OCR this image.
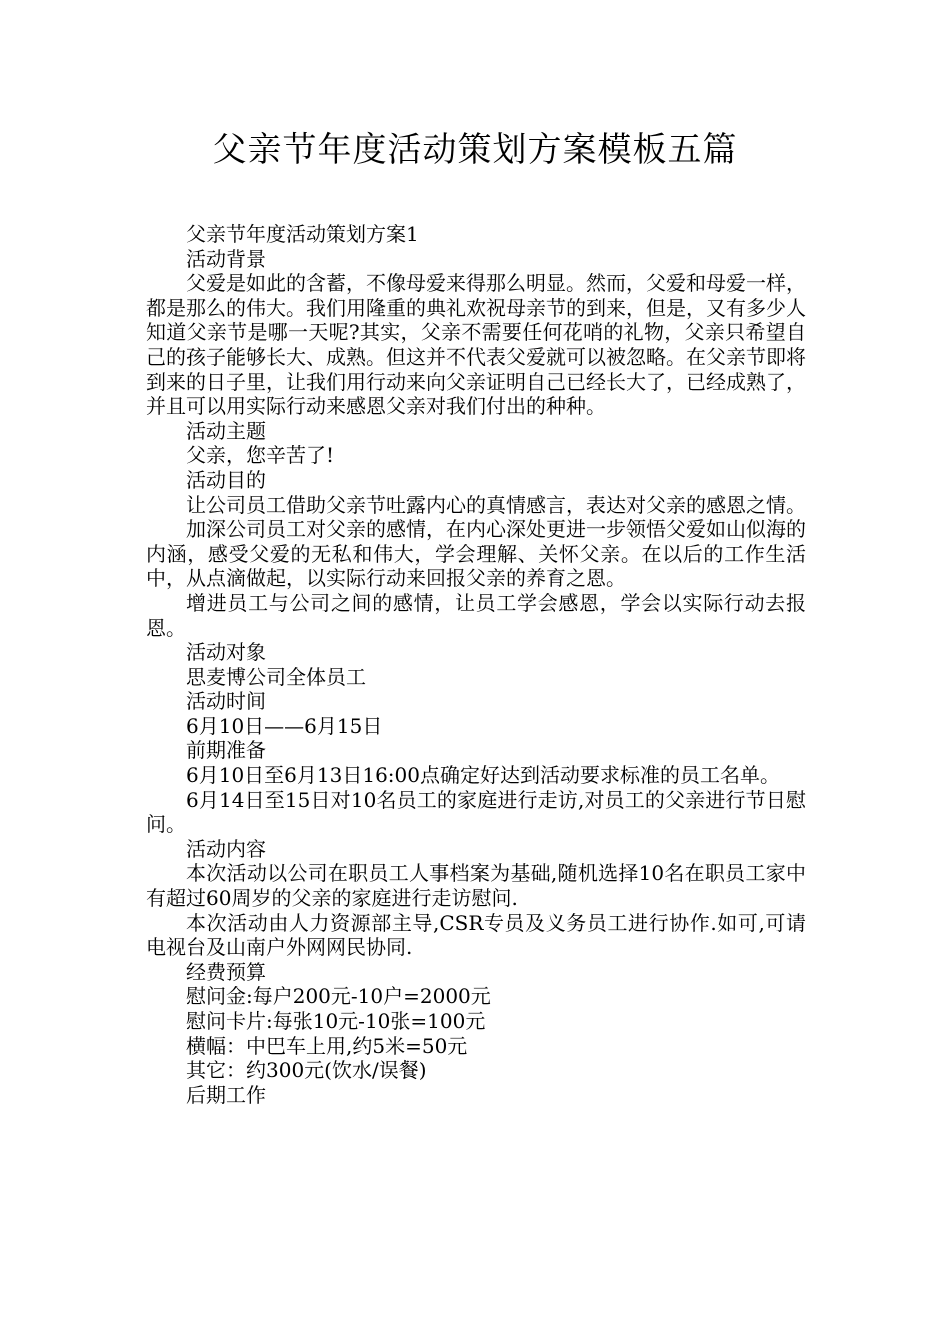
父亲节年度活动策划方案模板五篇

父亲节年度活动策划方案1

活动背景

父爱是如此的含蓄，不像母爱来得那么明显。然而，父爱和母爱一样，都是那么的伟大。我们用隆重的典礼欢祝母亲节的到来，但是，又有多少人知道父亲节是哪一天呢?其实，父亲不需要任何花哨的礼物，父亲只希望自己的孩子能够长大、成熟。但这并不代表父爱就可以被忽略。在父亲节即将到来的日子里，让我们用行动来向父亲证明自己已经长大了，已经成熟了，并且可以用实际行动来感恩父亲对我们付出的种种。

活动主题

父亲，您辛苦了!

活动目的

让公司员工借助父亲节吐露内心的真情感言，表达对父亲的感恩之情。

加深公司员工对父亲的感情，在内心深处更进一步领悟父爱如山似海的内涵，感受父爱的无私和伟大，学会理解、关怀父亲。在以后的工作生活中，从点滴做起，以实际行动来回报父亲的养育之恩。

增进员工与公司之间的感情，让员工学会感恩，学会以实际行动去报恩。

活动对象

思麦博公司全体员工

活动时间

6月10日——6月15日

前期准备

6月10日至6月13日16:00点确定好达到活动要求标准的员工名单。

6月14日至15日对10名员工的家庭进行走访,对员工的父亲进行节日慰问。

活动内容

本次活动以公司在职员工人事档案为基础,随机选择10名在职员工家中有超过60周岁的父亲的家庭进行走访慰问.

本次活动由人力资源部主导,CSR专员及义务员工进行协作.如可,可请电视台及山南户外网网民协同.

经费预算

慰问金:每户200元-10户=2000元

慰问卡片:每张10元-10张=100元

横幅：中巴车上用,约5米=50元

其它：约300元(饮水/误餐)

后期工作
